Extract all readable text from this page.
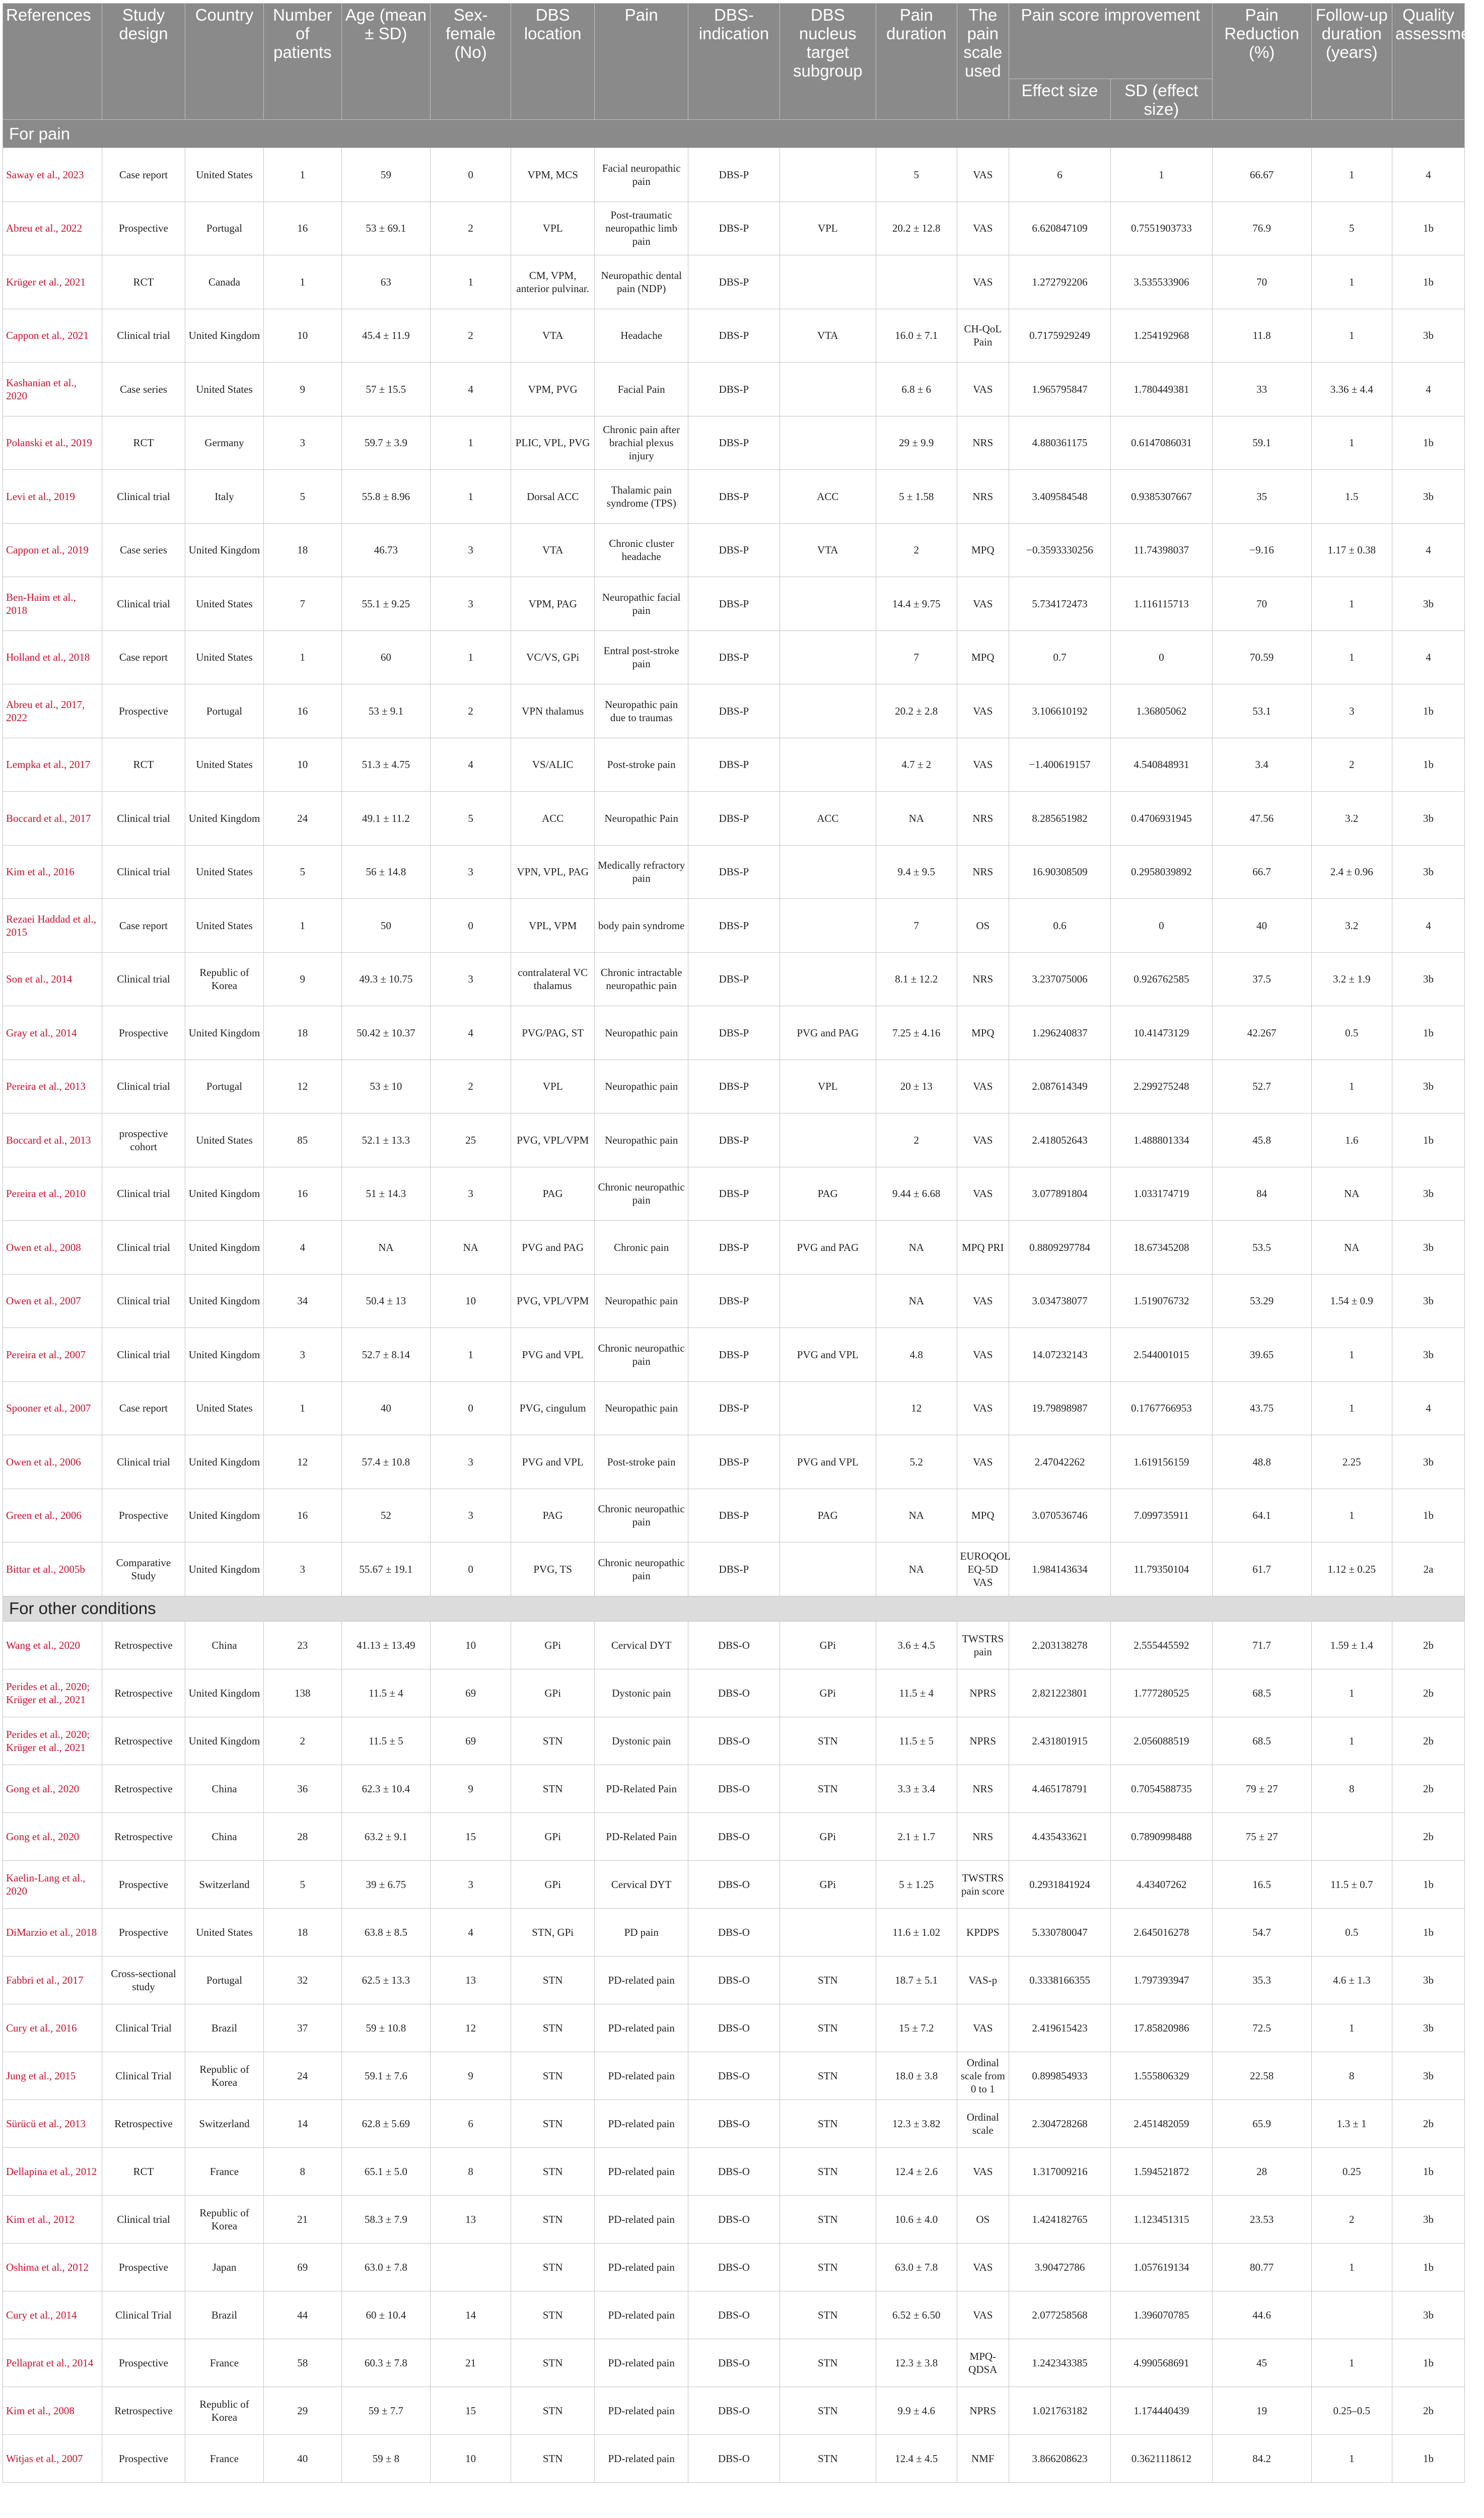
References	Study design	Country	Number of patients	Age (mean ± SD)	Sex-female (No)	DBS location	Pain	DBS-indication	DBS nucleus target subgroup	Pain duration	The pain scale used	Pain score improvement		Pain Reduction (%)	Follow-up duration (years)	Quality assessment
												Effect size	SD (effect size)			
For pain																
Saway et al., 2023	Case report	United States	1	59	0	VPM, MCS	Facial neuropathic pain	DBS-P		5	VAS	6	1	66.67	1	4
Abreu et al., 2022	Prospective	Portugal	16	53 ± 69.1	2	VPL	Post-traumatic neuropathic limb pain	DBS-P	VPL	20.2 ± 12.8	VAS	6.620847109	0.7551903733	76.9	5	1b
Krüger et al., 2021	RCT	Canada	1	63	1	CM, VPM, anterior pulvinar.	Neuropathic dental pain (NDP)	DBS-P			VAS	1.272792206	3.535533906	70	1	1b
Cappon et al., 2021	Clinical trial	United Kingdom	10	45.4 ± 11.9	2	VTA	Headache	DBS-P	VTA	16.0 ± 7.1	CH-QoL Pain	0.7175929249	1.254192968	11.8	1	3b
Kashanian et al., 2020	Case series	United States	9	57 ± 15.5	4	VPM, PVG	Facial Pain	DBS-P		6.8 ± 6	VAS	1.965795847	1.780449381	33	3.36 ± 4.4	4
Polanski et al., 2019	RCT	Germany	3	59.7 ± 3.9	1	PLIC, VPL, PVG	Chronic pain after brachial plexus injury	DBS-P		29 ± 9.9	NRS	4.880361175	0.6147086031	59.1	1	1b
Levi et al., 2019	Clinical trial	Italy	5	55.8 ± 8.96	1	Dorsal ACC	Thalamic pain syndrome (TPS)	DBS-P	ACC	5 ± 1.58	NRS	3.409584548	0.9385307667	35	1.5	3b
Cappon et al., 2019	Case series	United Kingdom	18	46.73	3	VTA	Chronic cluster headache	DBS-P	VTA	2	MPQ	−0.3593330256	11.74398037	−9.16	1.17 ± 0.38	4
Ben-Haim et al., 2018	Clinical trial	United States	7	55.1 ± 9.25	3	VPM, PAG	Neuropathic facial pain	DBS-P		14.4 ± 9.75	VAS	5.734172473	1.116115713	70	1	3b
Holland et al., 2018	Case report	United States	1	60	1	VC/VS, GPi	Entral post-stroke pain	DBS-P		7	MPQ	0.7	0	70.59	1	4
Abreu et al., 2017, 2022	Prospective	Portugal	16	53 ± 9.1	2	VPN thalamus	Neuropathic pain due to traumas	DBS-P		20.2 ± 2.8	VAS	3.106610192	1.36805062	53.1	3	1b
Lempka et al., 2017	RCT	United States	10	51.3 ± 4.75	4	VS/ALIC	Post-stroke pain	DBS-P		4.7 ± 2	VAS	−1.400619157	4.540848931	3.4	2	1b
Boccard et al., 2017	Clinical trial	United Kingdom	24	49.1 ± 11.2	5	ACC	Neuropathic Pain	DBS-P	ACC	NA	NRS	8.285651982	0.4706931945	47.56	3.2	3b
Kim et al., 2016	Clinical trial	United States	5	56 ± 14.8	3	VPN, VPL, PAG	Medically refractory pain	DBS-P		9.4 ± 9.5	NRS	16.90308509	0.2958039892	66.7	2.4 ± 0.96	3b
Rezaei Haddad et al., 2015	Case report	United States	1	50	0	VPL, VPM	body pain syndrome	DBS-P		7	OS	0.6	0	40	3.2	4
Son et al., 2014	Clinical trial	Republic of Korea	9	49.3 ± 10.75	3	contralateral VC thalamus	Chronic intractable neuropathic pain	DBS-P		8.1 ± 12.2	NRS	3.237075006	0.926762585	37.5	3.2 ± 1.9	3b
Gray et al., 2014	Prospective	United Kingdom	18	50.42 ± 10.37	4	PVG/PAG, ST	Neuropathic pain	DBS-P	PVG and PAG	7.25 ± 4.16	MPQ	1.296240837	10.41473129	42.267	0.5	1b
Pereira et al., 2013	Clinical trial	Portugal	12	53 ± 10	2	VPL	Neuropathic pain	DBS-P	VPL	20 ± 13	VAS	2.087614349	2.299275248	52.7	1	3b
Boccard et al., 2013	prospective cohort	United States	85	52.1 ± 13.3	25	PVG, VPL/VPM	Neuropathic pain	DBS-P		2	VAS	2.418052643	1.488801334	45.8	1.6	1b
Pereira et al., 2010	Clinical trial	United Kingdom	16	51 ± 14.3	3	PAG	Chronic neuropathic pain	DBS-P	PAG	9.44 ± 6.68	VAS	3.077891804	1.033174719	84	NA	3b
Owen et al., 2008	Clinical trial	United Kingdom	4	NA	NA	PVG and PAG	Chronic pain	DBS-P	PVG and PAG	NA	MPQ PRI	0.8809297784	18.67345208	53.5	NA	3b
Owen et al., 2007	Clinical trial	United Kingdom	34	50.4 ± 13	10	PVG, VPL/VPM	Neuropathic pain	DBS-P		NA	VAS	3.034738077	1.519076732	53.29	1.54 ± 0.9	3b
Pereira et al., 2007	Clinical trial	United Kingdom	3	52.7 ± 8.14	1	PVG and VPL	Chronic neuropathic pain	DBS-P	PVG and VPL	4.8	VAS	14.07232143	2.544001015	39.65	1	3b
Spooner et al., 2007	Case report	United States	1	40	0	PVG, cingulum	Neuropathic pain	DBS-P		12	VAS	19.79898987	0.1767766953	43.75	1	4
Owen et al., 2006	Clinical trial	United Kingdom	12	57.4 ± 10.8	3	PVG and VPL	Post-stroke pain	DBS-P	PVG and VPL	5.2	VAS	2.47042262	1.619156159	48.8	2.25	3b
Green et al., 2006	Prospective	United Kingdom	16	52	3	PAG	Chronic neuropathic pain	DBS-P	PAG	NA	MPQ	3.070536746	7.099735911	64.1	1	1b
Bittar et al., 2005b	Comparative Study	United Kingdom	3	55.67 ± 19.1	0	PVG, TS	Chronic neuropathic pain	DBS-P		NA	EUROQOL EQ-5D VAS	1.984143634	11.79350104	61.7	1.12 ± 0.25	2a
For other conditions																
Wang et al., 2020	Retrospective	China	23	41.13 ± 13.49	10	GPi	Cervical DYT	DBS-O	GPi	3.6 ± 4.5	TWSTRS pain	2.203138278	2.555445592	71.7	1.59 ± 1.4	2b
Perides et al., 2020; Krüger et al., 2021	Retrospective	United Kingdom	138	11.5 ± 4	69	GPi	Dystonic pain	DBS-O	GPi	11.5 ± 4	NPRS	2.821223801	1.777280525	68.5	1	2b
Perides et al., 2020; Krüger et al., 2021	Retrospective	United Kingdom	2	11.5 ± 5	69	STN	Dystonic pain	DBS-O	STN	11.5 ± 5	NPRS	2.431801915	2.056088519	68.5	1	2b
Gong et al., 2020	Retrospective	China	36	62.3 ± 10.4	9	STN	PD-Related Pain	DBS-O	STN	3.3 ± 3.4	NRS	4.465178791	0.7054588735	79 ± 27	8	2b
Gong et al., 2020	Retrospective	China	28	63.2 ± 9.1	15	GPi	PD-Related Pain	DBS-O	GPi	2.1 ± 1.7	NRS	4.435433621	0.7890998488	75 ± 27		2b
Kaelin-Lang et al., 2020	Prospective	Switzerland	5	39 ± 6.75	3	GPi	Cervical DYT	DBS-O	GPi	5 ± 1.25	TWSTRS pain score	0.2931841924	4.43407262	16.5	11.5 ± 0.7	1b
DiMarzio et al., 2018	Prospective	United States	18	63.8 ± 8.5	4	STN, GPi	PD pain	DBS-O		11.6 ± 1.02	KPDPS	5.330780047	2.645016278	54.7	0.5	1b
Fabbri et al., 2017	Cross-sectional study	Portugal	32	62.5 ± 13.3	13	STN	PD-related pain	DBS-O	STN	18.7 ± 5.1	VAS-p	0.3338166355	1.797393947	35.3	4.6 ± 1.3	3b
Cury et al., 2016	Clinical Trial	Brazil	37	59 ± 10.8	12	STN	PD-related pain	DBS-O	STN	15 ± 7.2	VAS	2.419615423	17.85820986	72.5	1	3b
Jung et al., 2015	Clinical Trial	Republic of Korea	24	59.1 ± 7.6	9	STN	PD-related pain	DBS-O	STN	18.0 ± 3.8	Ordinal scale from 0 to 1	0.899854933	1.555806329	22.58	8	3b
Sürücü et al., 2013	Retrospective	Switzerland	14	62.8 ± 5.69	6	STN	PD-related pain	DBS-O	STN	12.3 ± 3.82	Ordinal scale	2.304728268	2.451482059	65.9	1.3 ± 1	2b
Dellapina et al., 2012	RCT	France	8	65.1 ± 5.0	8	STN	PD-related pain	DBS-O	STN	12.4 ± 2.6	VAS	1.317009216	1.594521872	28	0.25	1b
Kim et al., 2012	Clinical trial	Republic of Korea	21	58.3 ± 7.9	13	STN	PD-related pain	DBS-O	STN	10.6 ± 4.0	OS	1.424182765	1.123451315	23.53	2	3b
Oshima et al., 2012	Prospective	Japan	69	63.0 ± 7.8		STN	PD-related pain	DBS-O	STN	63.0 ± 7.8	VAS	3.90472786	1.057619134	80.77	1	1b
Cury et al., 2014	Clinical Trial	Brazil	44	60 ± 10.4	14	STN	PD-related pain	DBS-O	STN	6.52 ± 6.50	VAS	2.077258568	1.396070785	44.6		3b
Pellaprat et al., 2014	Prospective	France	58	60.3 ± 7.8	21	STN	PD-related pain	DBS-O	STN	12.3 ± 3.8	MPQ-QDSA	1.242343385	4.990568691	45	1	1b
Kim et al., 2008	Retrospective	Republic of Korea	29	59 ± 7.7	15	STN	PD-related pain	DBS-O	STN	9.9 ± 4.6	NPRS	1.021763182	1.174440439	19	0.25–0.5	2b
Witjas et al., 2007	Prospective	France	40	59 ± 8	10	STN	PD-related pain	DBS-O	STN	12.4 ± 4.5	NMF	3.866208623	0.3621118612	84.2	1	1b
